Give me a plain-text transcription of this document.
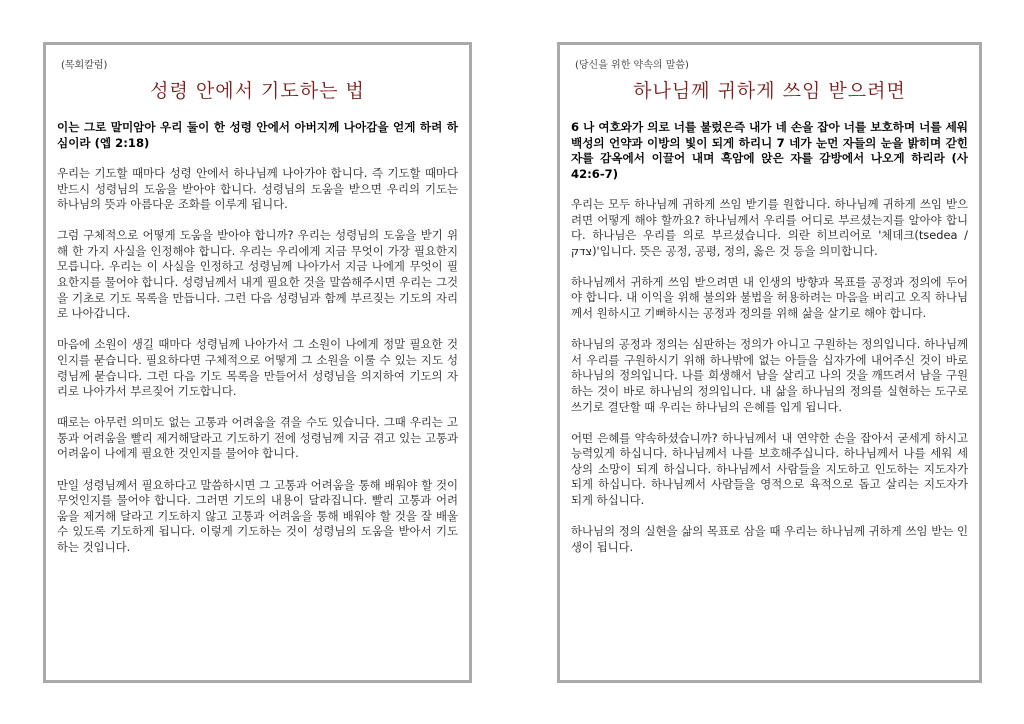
(목회칼럼)
성령 안에서 기도하는 법

이는 그로 말미암아 우리 둘이 한 성령 안에서 아버지께 나아감을 얻게 하려 하심이라 (엡 2:18)

우리는 기도할 때마다 성령 안에서 하나님께 나아가야 합니다. 즉 기도할 때마다 반드시 성령님의 도움을 받아야 합니다. 성령님의 도움을 받으면 우리의 기도는 하나님의 뜻과 아름다운 조화를 이루게 됩니다.

그럼 구체적으로 어떻게 도움을 받아야 합니까? 우리는 성령님의 도움을 받기 위해 한 가지 사실을 인정해야 합니다. 우리는 우리에게 지금 무엇이 가장 필요한지 모릅니다. 우리는 이 사실을 인정하고 성령님께 나아가서 지금 나에게 무엇이 필요한지를 물어야 합니다. 성령님께서 내게 필요한 것을 말씀해주시면 우리는 그것을 기초로 기도 목록을 만듭니다. 그런 다음 성령님과 함께 부르짖는 기도의 자리로 나아갑니다.

마음에 소원이 생길 때마다 성령님께 나아가서 그 소원이 나에게 정말 필요한 것인지를 묻습니다. 필요하다면 구체적으로 어떻게 그 소원을 이룰 수 있는 지도 성령님께 묻습니다. 그런 다음 기도 목록을 만들어서 성령님을 의지하여 기도의 자리로 나아가서 부르짖어 기도합니다.

때로는 아무런 의미도 없는 고통과 어려움을 겪을 수도 있습니다. 그때 우리는 고통과 어려움을 빨리 제거해달라고 기도하기 전에 성령님께 지금 겪고 있는 고통과 어려움이 나에게 필요한 것인지를 물어야 합니다.

만일 성령님께서 필요하다고 말씀하시면 그 고통과 어려움을 통해 배워야 할 것이 무엇인지를 물어야 합니다. 그러면 기도의 내용이 달라집니다. 빨리 고통과 어려움을 제거해 달라고 기도하지 않고 고통과 어려움을 통해 배워야 할 것을 잘 배울 수 있도록 기도하게 됩니다. 이렇게 기도하는 것이 성령님의 도움을 받아서 기도하는 것입니다.

(당신을 위한 약속의 말씀)
하나님께 귀하게 쓰임 받으려면

6 나 여호와가 의로 너를 불렀은즉 내가 네 손을 잡아 너를 보호하며 너를 세워 백성의 언약과 이방의 빛이 되게 하리니 7 네가 눈먼 자들의 눈을 밝히며 갇힌 자를 감옥에서 이끌어 내며 흑암에 앉은 자를 감방에서 나오게 하리라 (사 42:6-7)

우리는 모두 하나님께 귀하게 쓰임 받기를 원합니다. 하나님께 귀하게 쓰임 받으려면 어떻게 해야 할까요? 하나님께서 우리를 어디로 부르셨는지를 알아야 합니다. 하나님은 우리를 의로 부르셨습니다. 의란 히브리어로 '체데크(tsedea / צדק)'입니다. 뜻은 공정, 공평, 정의, 옳은 것 등을 의미합니다.

하나님께서 귀하게 쓰임 받으려면 내 인생의 방향과 목표를 공정과 정의에 두어야 합니다. 내 이익을 위해 불의와 불법을 허용하려는 마음을 버리고 오직 하나님께서 원하시고 기뻐하시는 공정과 정의를 위해 삶을 살기로 해야 합니다.

하나님의 공정과 정의는 심판하는 정의가 아니고 구원하는 정의입니다. 하나님께서 우리를 구원하시기 위해 하나밖에 없는 아들을 십자가에 내어주신 것이 바로 하나님의 정의입니다. 나를 희생해서 남을 살리고 나의 것을 깨뜨려서 남을 구원하는 것이 바로 하나님의 정의입니다. 내 삶을 하나님의 정의를 실현하는 도구로 쓰기로 결단할 때 우리는 하나님의 은혜를 입게 됩니다.

어떤 은혜를 약속하셨습니까? 하나님께서 내 연약한 손을 잡아서 굳세게 하시고 능력있게 하십니다. 하나님께서 나를 보호해주십니다. 하나님께서 나를 세워 세상의 소망이 되게 하십니다. 하나님께서 사람들을 지도하고 인도하는 지도자가 되게 하십니다. 하나님께서 사람들을 영적으로 육적으로 돕고 살리는 지도자가 되게 하십니다.

하나님의 정의 실현을 삶의 목표로 삼을 때 우리는 하나님께 귀하게 쓰임 받는 인생이 됩니다.
